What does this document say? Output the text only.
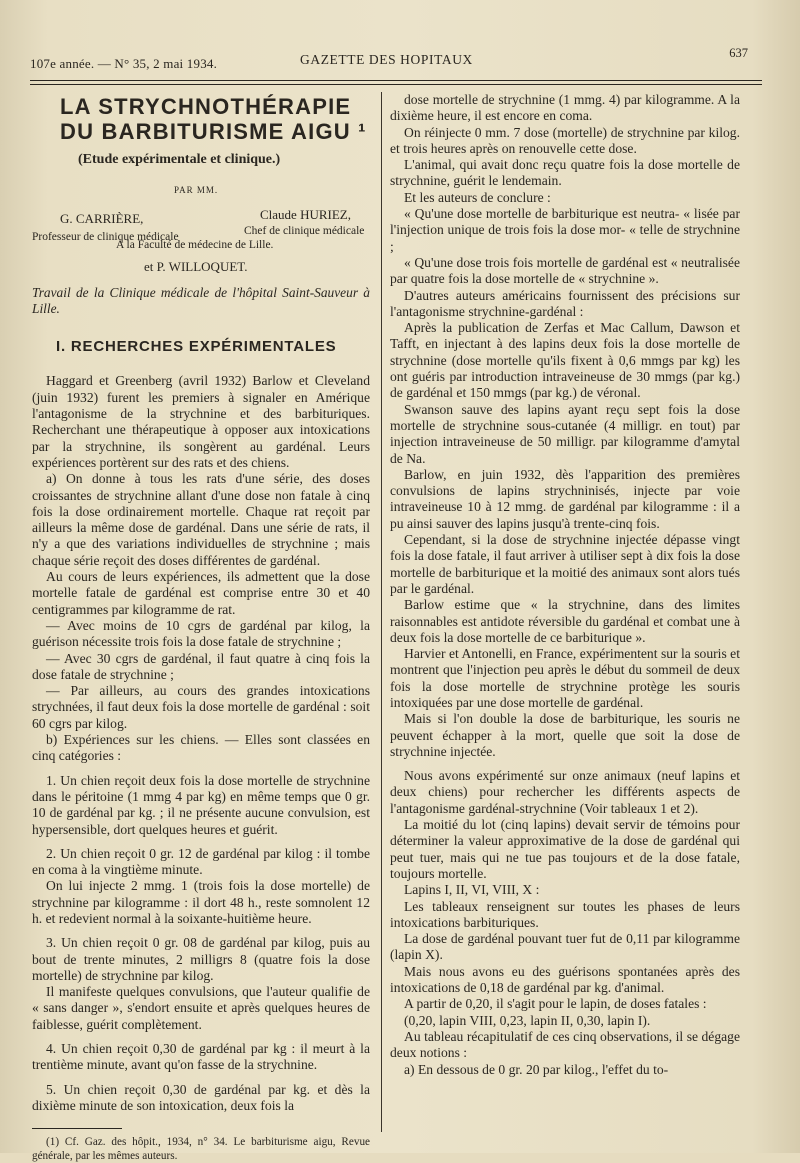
107e année. — N° 35, 2 mai 1934.	GAZETTE DES HOPITAUX	637
LA STRYCHNOTHÉRAPIE
DU BARBITURISME AIGU ¹
(Etude expérimentale et clinique.)
PAR MM.
G. CARRIÈRE,	Claude HURIEZ,
Professeur de clinique médicale	Chef de clinique médicale
A la Faculté de médecine de Lille.
et P. WILLOQUET.
Travail de la Clinique médicale de l'hôpital Saint-Sauveur à Lille.
I. RECHERCHES EXPÉRIMENTALES

Haggard et Greenberg (avril 1932) Barlow et Cleveland (juin 1932) furent les premiers à signaler en Amérique l'antagonisme de la strychnine et des barbituriques. Recherchant une thérapeutique à opposer aux intoxications par la strychnine, ils songèrent au gardénal. Leurs expériences portèrent sur des rats et des chiens.

a) On donne à tous les rats d'une série, des doses croissantes de strychnine allant d'une dose non fatale à cinq fois la dose ordinairement mortelle. Chaque rat reçoit par ailleurs la même dose de gardénal. Dans une série de rats, il n'y a que des variations individuelles de strychnine ; mais chaque série reçoit des doses différentes de gardénal.

Au cours de leurs expériences, ils admettent que la dose mortelle fatale de gardénal est comprise entre 30 et 40 centigrammes par kilogramme de rat.

— Avec moins de 10 cgrs de gardénal par kilog, la guérison nécessite trois fois la dose fatale de strychnine ;

— Avec 30 cgrs de gardénal, il faut quatre à cinq fois la dose fatale de strychnine ;

— Par ailleurs, au cours des grandes intoxications strychnées, il faut deux fois la dose mortelle de gardénal : soit 60 cgrs par kilog.

b) Expériences sur les chiens. — Elles sont classées en cinq catégories :

1. Un chien reçoit deux fois la dose mortelle de strychnine dans le péritoine (1 mmg 4 par kg) en même temps que 0 gr. 10 de gardénal par kg. ; il ne présente aucune convulsion, est hypersensible, dort quelques heures et guérit.

2. Un chien reçoit 0 gr. 12 de gardénal par kilog : il tombe en coma à la vingtième minute.

On lui injecte 2 mmg. 1 (trois fois la dose mortelle) de strychnine par kilogramme : il dort 48 h., reste somnolent 12 h. et redevient normal à la soixante-huitième heure.

3. Un chien reçoit 0 gr. 08 de gardénal par kilog, puis au bout de trente minutes, 2 milligrs 8 (quatre fois la dose mortelle) de strychnine par kilog.

Il manifeste quelques convulsions, que l'auteur qualifie de « sans danger », s'endort ensuite et après quelques heures de faiblesse, guérit complètement.

4. Un chien reçoit 0,30 de gardénal par kg : il meurt à la trentième minute, avant qu'on fasse de la strychnine.

5. Un chien reçoit 0,30 de gardénal par kg. et dès la dixième minute de son intoxication, deux fois la

(1) Cf. Gaz. des hôpit., 1934, n° 34. Le barbiturisme aigu, Revue générale, par les mêmes auteurs.

dose mortelle de strychnine (1 mmg. 4) par kilogramme. A la dixième heure, il est encore en coma.

On réinjecte 0 mm. 7 dose (mortelle) de strychnine par kilog. et trois heures après on renouvelle cette dose.

L'animal, qui avait donc reçu quatre fois la dose mortelle de strychnine, guérit le lendemain.

Et les auteurs de conclure :

« Qu'une dose mortelle de barbiturique est neutra- « lisée par l'injection unique de trois fois la dose mor- « telle de strychnine ;

« Qu'une dose trois fois mortelle de gardénal est « neutralisée par quatre fois la dose mortelle de « strychnine ».

D'autres auteurs américains fournissent des précisions sur l'antagonisme strychnine-gardénal :

Après la publication de Zerfas et Mac Callum, Dawson et Tafft, en injectant à des lapins deux fois la dose mortelle de strychnine (dose mortelle qu'ils fixent à 0,6 mmgs par kg) les ont guéris par introduction intraveineuse de 30 mmgs (par kg.) de gardénal et 150 mmgs (par kg.) de véronal.

Swanson sauve des lapins ayant reçu sept fois la dose mortelle de strychnine sous-cutanée (4 milligr. en tout) par injection intraveineuse de 50 milligr. par kilogramme d'amytal de Na.

Barlow, en juin 1932, dès l'apparition des premières convulsions de lapins strychninisés, injecte par voie intraveineuse 10 à 12 mmg. de gardénal par kilogramme : il a pu ainsi sauver des lapins jusqu'à trente-cinq fois.

Cependant, si la dose de strychnine injectée dépasse vingt fois la dose fatale, il faut arriver à utiliser sept à dix fois la dose mortelle de barbiturique et la moitié des animaux sont alors tués par le gardénal.

Barlow estime que « la strychnine, dans des limites raisonnables est antidote réversible du gardénal et combat une à deux fois la dose mortelle de ce barbiturique ».

Harvier et Antonelli, en France, expérimentent sur la souris et montrent que l'injection peu après le début du sommeil de deux fois la dose mortelle de strychnine protège les souris intoxiquées par une dose mortelle de gardénal.

Mais si l'on double la dose de barbiturique, les souris ne peuvent échapper à la mort, quelle que soit la dose de strychnine injectée.

Nous avons expérimenté sur onze animaux (neuf lapins et deux chiens) pour rechercher les différents aspects de l'antagonisme gardénal-strychnine (Voir tableaux 1 et 2).

La moitié du lot (cinq lapins) devait servir de témoins pour déterminer la valeur approximative de la dose de gardénal qui peut tuer, mais qui ne tue pas toujours et de la dose fatale, toujours mortelle.

Lapins I, II, VI, VIII, X :

Les tableaux renseignent sur toutes les phases de leurs intoxications barbituriques.

La dose de gardénal pouvant tuer fut de 0,11 par kilogramme (lapin X).

Mais nous avons eu des guérisons spontanées après des intoxications de 0,18 de gardénal par kg. d'animal.

A partir de 0,20, il s'agit pour le lapin, de doses fatales :

(0,20, lapin VIII, 0,23, lapin II, 0,30, lapin I).

Au tableau récapitulatif de ces cinq observations, il se dégage deux notions :

a) En dessous de 0 gr. 20 par kilog., l'effet du to-
